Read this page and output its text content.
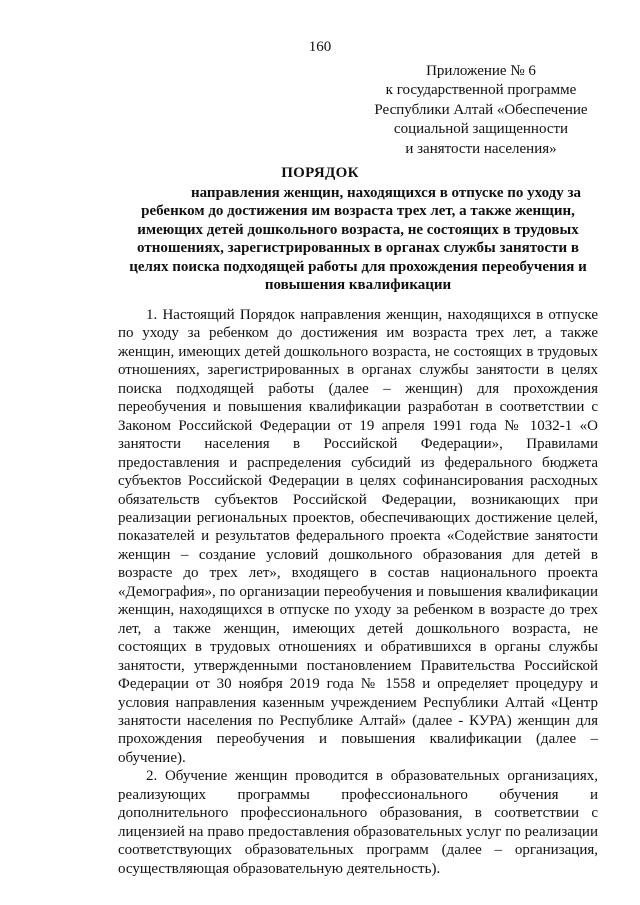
160
Приложение № 6
к государственной программе
Республики Алтай «Обеспечение
социальной защищенности
и занятости населения»
ПОРЯДОК
направления женщин, находящихся в отпуске по уходу за
ребенком до достижения им возраста трех лет, а также женщин,
имеющих детей дошкольного возраста, не состоящих в трудовых
отношениях, зарегистрированных в органах службы занятости в
целях поиска подходящей работы для прохождения переобучения и
повышения квалификации

1. Настоящий Порядок направления женщин, находящихся в отпуске по уходу за ребенком до достижения им возраста трех лет, а также женщин, имеющих детей дошкольного возраста, не состоящих в трудовых отношениях, зарегистрированных в органах службы занятости в целях поиска подходящей работы (далее – женщин) для прохождения переобучения и повышения квалификации разработан в соответствии с Законом Российской Федерации от 19 апреля 1991 года № 1032-1 «О занятости населения в Российской Федерации», Правилами предоставления и распределения субсидий из федерального бюджета субъектов Российской Федерации в целях софинансирования расходных обязательств субъектов Российской Федерации, возникающих при реализации региональных проектов, обеспечивающих достижение целей, показателей и результатов федерального проекта «Содействие занятости женщин – создание условий дошкольного образования для детей в возрасте до трех лет», входящего в состав национального проекта «Демография», по организации переобучения и повышения квалификации женщин, находящихся в отпуске по уходу за ребенком в возрасте до трех лет, а также женщин, имеющих детей дошкольного возраста, не состоящих в трудовых отношениях и обратившихся в органы службы занятости, утвержденными постановлением Правительства Российской Федерации от 30 ноября 2019 года № 1558 и определяет процедуру и условия направления казенным учреждением Республики Алтай «Центр занятости населения по Республике Алтай» (далее - КУРА) женщин для прохождения переобучения и повышения квалификации (далее – обучение).

2. Обучение женщин проводится в образовательных организациях, реализующих программы профессионального обучения и дополнительного профессионального образования, в соответствии с лицензией на право предоставления образовательных услуг по реализации соответствующих образовательных программ (далее – организация, осуществляющая образовательную деятельность).
